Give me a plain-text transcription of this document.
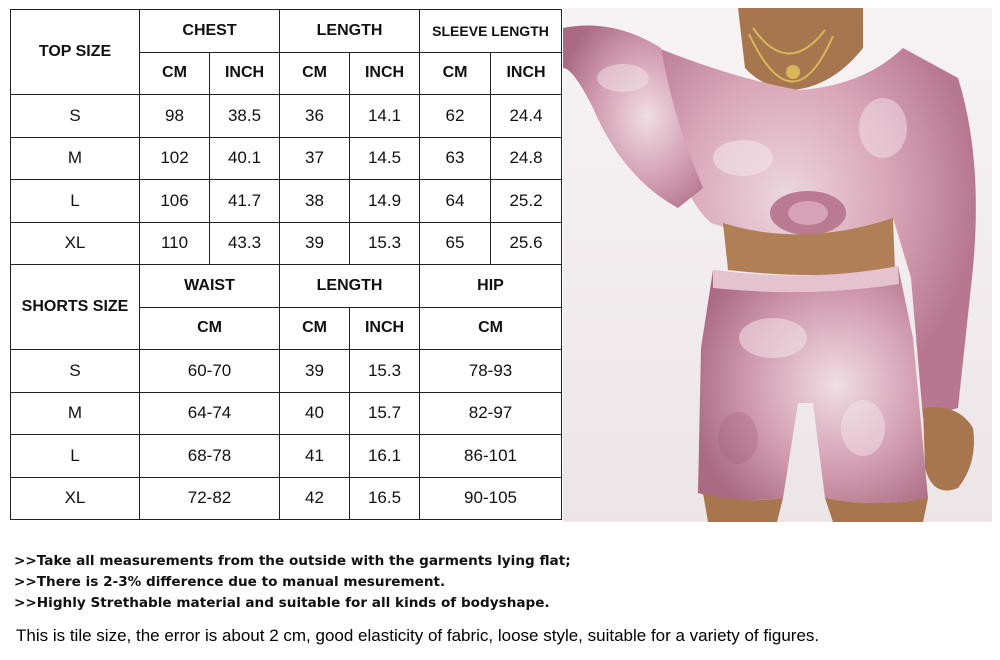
TOP SIZE	CHEST		LENGTH		SLEEVE LENGTH	
	CM	INCH	CM	INCH	CM	INCH
S	98	38.5	36	14.1	62	24.4
M	102	40.1	37	14.5	63	24.8
L	106	41.7	38	14.9	64	25.2
XL	110	43.3	39	15.3	65	25.6
SHORTS SIZE	WAIST		LENGTH		HIP	
	CM		CM	INCH	CM	
S	60-70		39	15.3	78-93	
M	64-74		40	15.7	82-97	
L	68-78		41	16.1	86-101	
XL	72-82		42	16.5	90-105	
>>Take all measurements from the outside with the garments lying flat;
>>There is 2-3% difference due to manual mesurement.
>>Highly Strethable material and suitable for all kinds of bodyshape.
This is tile size, the error is about 2 cm, good elasticity of fabric, loose style, suitable for a variety of figures.
